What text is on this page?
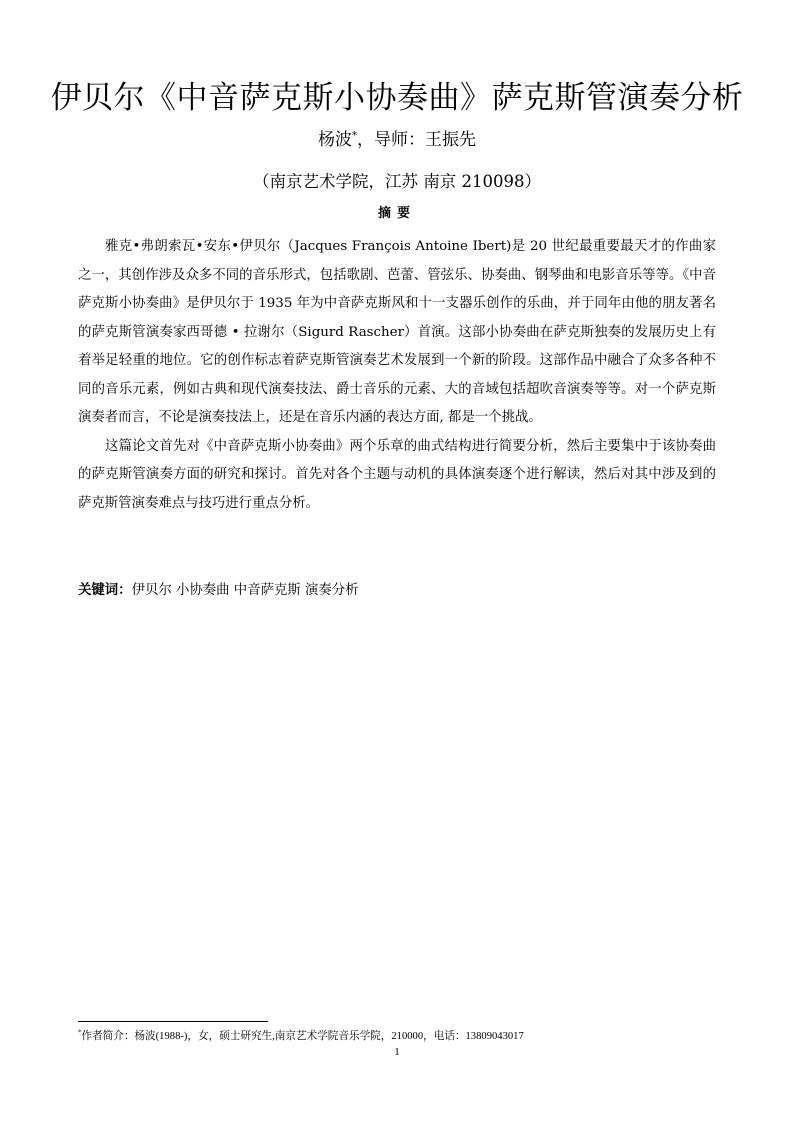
伊贝尔《中音萨克斯小协奏曲》萨克斯管演奏分析
杨波*，导师：王振先
（南京艺术学院，江苏 南京 210098）
摘要

雅克•弗朗索瓦•安东•伊贝尔（Jacques François Antoine Ibert)是 20 世纪最重要最天才的作曲家之一，其创作涉及众多不同的音乐形式，包括歌剧、芭蕾、管弦乐、协奏曲、钢琴曲和电影音乐等等。《中音萨克斯小协奏曲》是伊贝尔于 1935 年为中音萨克斯风和十一支器乐创作的乐曲，并于同年由他的朋友著名的萨克斯管演奏家西哥德 • 拉谢尔（Sigurd Rascher）首演。这部小协奏曲在萨克斯独奏的发展历史上有着举足轻重的地位。它的创作标志着萨克斯管演奏艺术发展到一个新的阶段。这部作品中融合了众多各种不同的音乐元素，例如古典和现代演奏技法、爵士音乐的元素、大的音域包括超吹音演奏等等。对一个萨克斯演奏者而言，不论是演奏技法上，还是在音乐内涵的表达方面, 都是一个挑战。

这篇论文首先对《中音萨克斯小协奏曲》两个乐章的曲式结构进行简要分析，然后主要集中于该协奏曲的萨克斯管演奏方面的研究和探讨。首先对各个主题与动机的具体演奏逐个进行解读，然后对其中涉及到的萨克斯管演奏难点与技巧进行重点分析。

关键词：伊贝尔 小协奏曲 中音萨克斯 演奏分析
*作者简介：杨波(1988-)，女，硕士研究生,南京艺术学院音乐学院，210000，电话：13809043017
1
